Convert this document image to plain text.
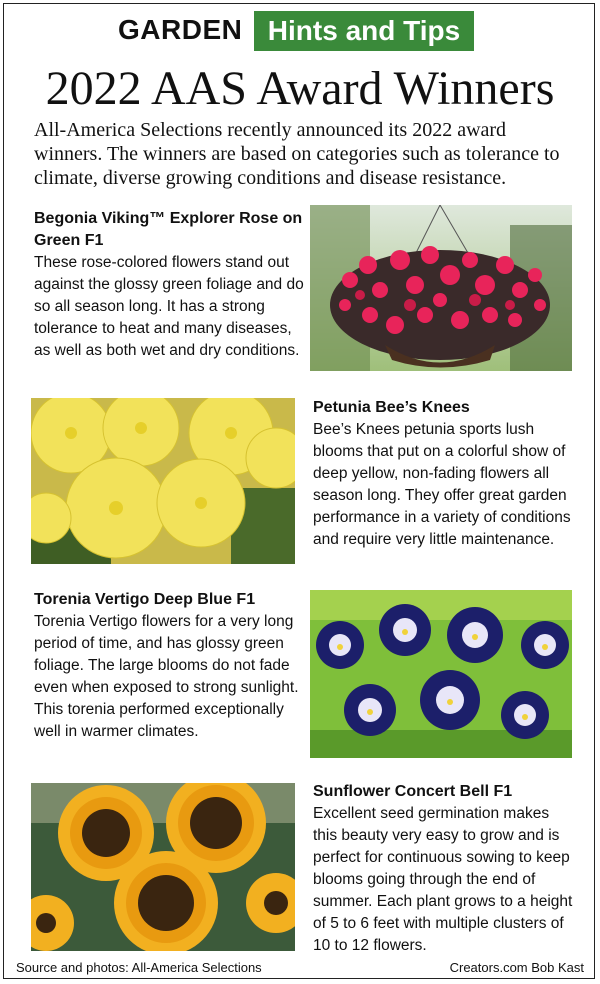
GARDEN Hints and Tips
2022 AAS Award Winners
All-America Selections recently announced its 2022 award winners. The winners are based on categories such as tolerance to climate, diverse growing conditions and disease resistance.
Begonia Viking™ Explorer Rose on Green F1

These rose-colored flowers stand out against the glossy green foliage and do so all season long. It has a strong tolerance to heat and many diseases, as well as both wet and dry conditions.

Petunia Bee’s Knees

Bee’s Knees petunia sports lush blooms that put on a colorful show of deep yellow, non-fading flowers all season long. They offer great garden performance in a variety of conditions and require very little maintenance.

Torenia Vertigo Deep Blue F1

Torenia Vertigo flowers for a very long period of time, and has glossy green foliage. The large blooms do not fade even when exposed to strong sunlight. This torenia performed exceptionally well in warmer climates.

Sunflower Concert Bell F1

Excellent seed germination makes this beauty very easy to grow and is perfect for continuous sowing to keep blooms going through the end of summer. Each plant grows to a height of 5 to 6 feet with multiple clusters of 10 to 12 flowers.

Source and photos: All-America Selections	Creators.com Bob Kast
